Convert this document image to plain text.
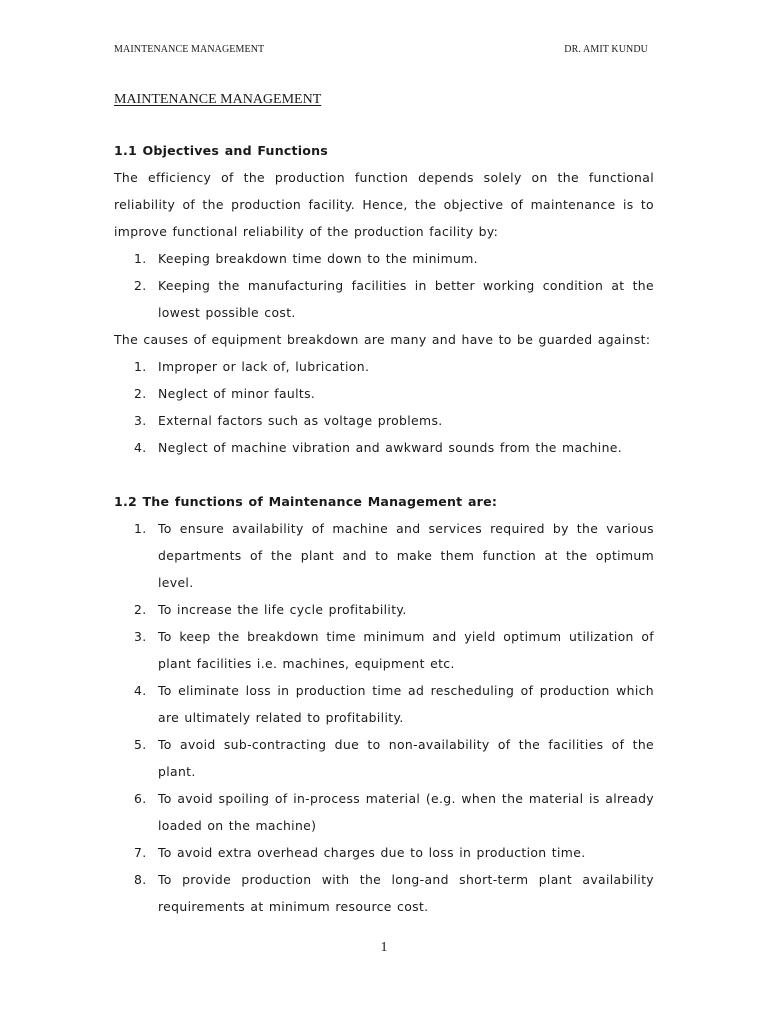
MAINTENANCE MANAGEMENT	DR. AMIT KUNDU
MAINTENANCE MANAGEMENT
1.1 Objectives and Functions

The efficiency of the production function depends solely on the functional reliability of the production facility. Hence, the objective of maintenance is to improve functional reliability of the production facility by:

1. Keeping breakdown time down to the minimum.
2. Keeping the manufacturing facilities in better working condition at the lowest possible cost.

The causes of equipment breakdown are many and have to be guarded against:

1. Improper or lack of, lubrication.
2. Neglect of minor faults.
3. External factors such as voltage problems.
4. Neglect of machine vibration and awkward sounds from the machine.
1.2 The functions of Maintenance Management are:
1. To ensure availability of machine and services required by the various departments of the plant and to make them function at the optimum level.
2. To increase the life cycle profitability.
3. To keep the breakdown time minimum and yield optimum utilization of plant facilities i.e. machines, equipment etc.
4. To eliminate loss in production time ad rescheduling of production which are ultimately related to profitability.
5. To avoid sub-contracting due to non-availability of the facilities of the plant.
6. To avoid spoiling of in-process material (e.g. when the material is already loaded on the machine)
7. To avoid extra overhead charges due to loss in production time.
8. To provide production with the long-and short-term plant availability requirements at minimum resource cost.
1
